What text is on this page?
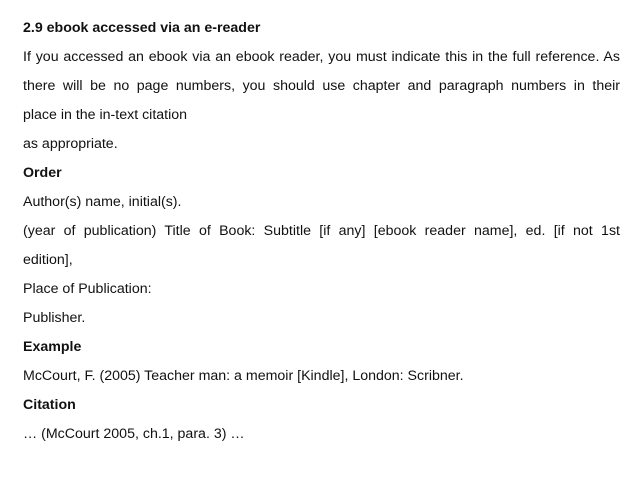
2.9 ebook accessed via an e-reader
If you accessed an ebook via an ebook reader, you must indicate this in the full reference. As
there will be no page numbers, you should use chapter and paragraph numbers in their
place in the in-text citation
as appropriate.
Order
Author(s) name, initial(s).
(year of publication) Title of Book: Subtitle [if any] [ebook reader name], ed. [if not 1st
edition],
Place of Publication:
Publisher.
Example
McCourt, F. (2005) Teacher man: a memoir [Kindle], London: Scribner.
Citation
… (McCourt 2005, ch.1, para. 3) …
